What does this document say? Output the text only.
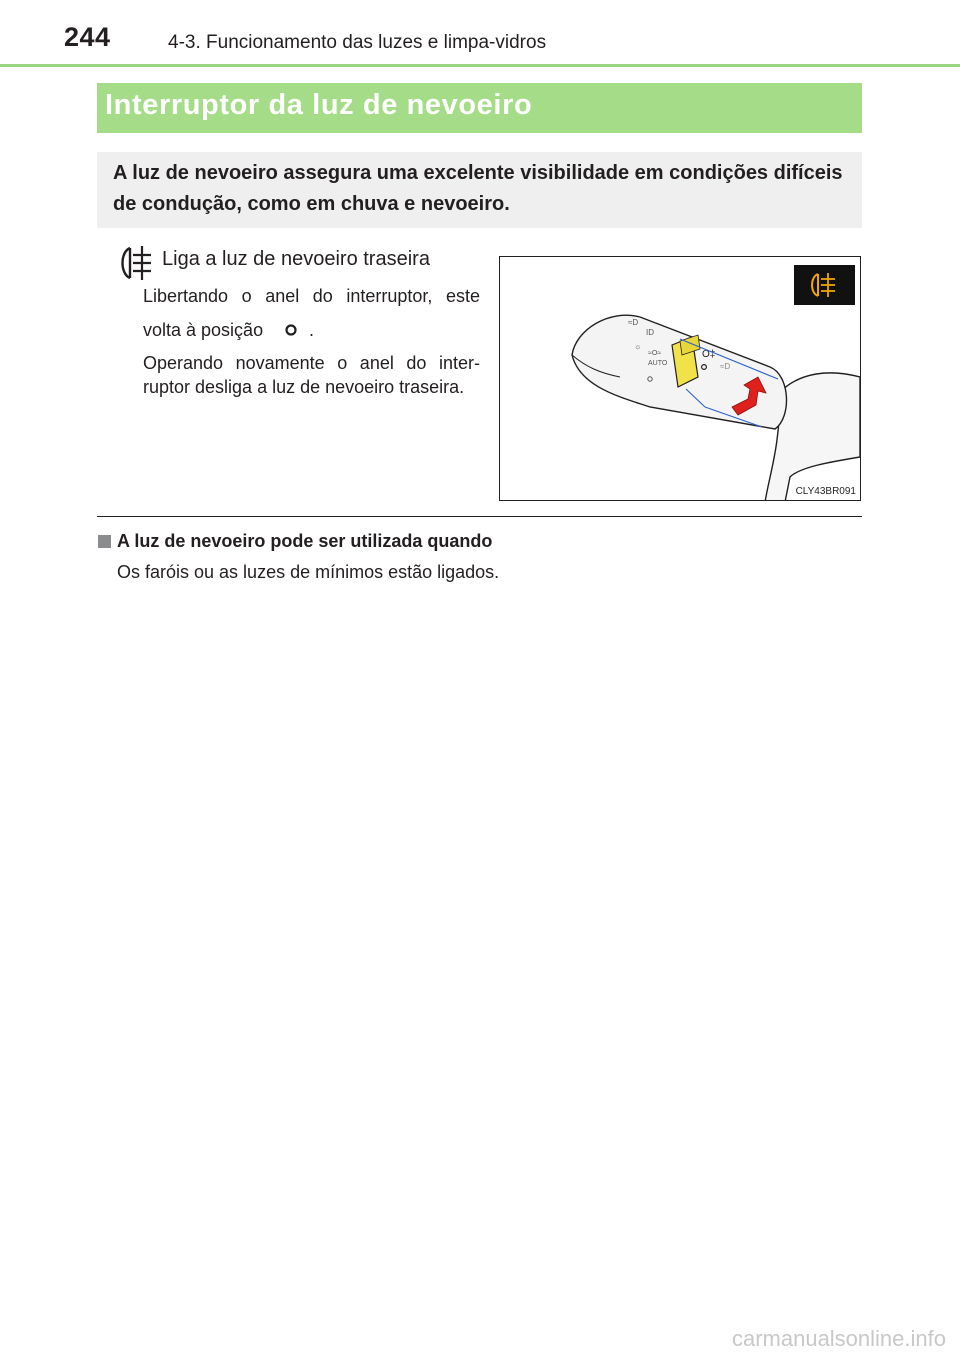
244	4-3. Funcionamento das luzes e limpa-vidros
Interruptor da luz de nevoeiro
A luz de nevoeiro assegura uma excelente visibilidade em condições difíceis de condução, como em chuva e nevoeiro.
Liga a luz de nevoeiro traseira
Libertando o anel do interruptor, este
volta à posição	.
Operando novamente o anel do inter-
ruptor desliga a luz de nevoeiro traseira.
≈D
ID
☼
≈O≈
AUTO
O‡
≈D
CLY43BR091
A luz de nevoeiro pode ser utilizada quando
Os faróis ou as luzes de mínimos estão ligados.
carmanualsonline.info
